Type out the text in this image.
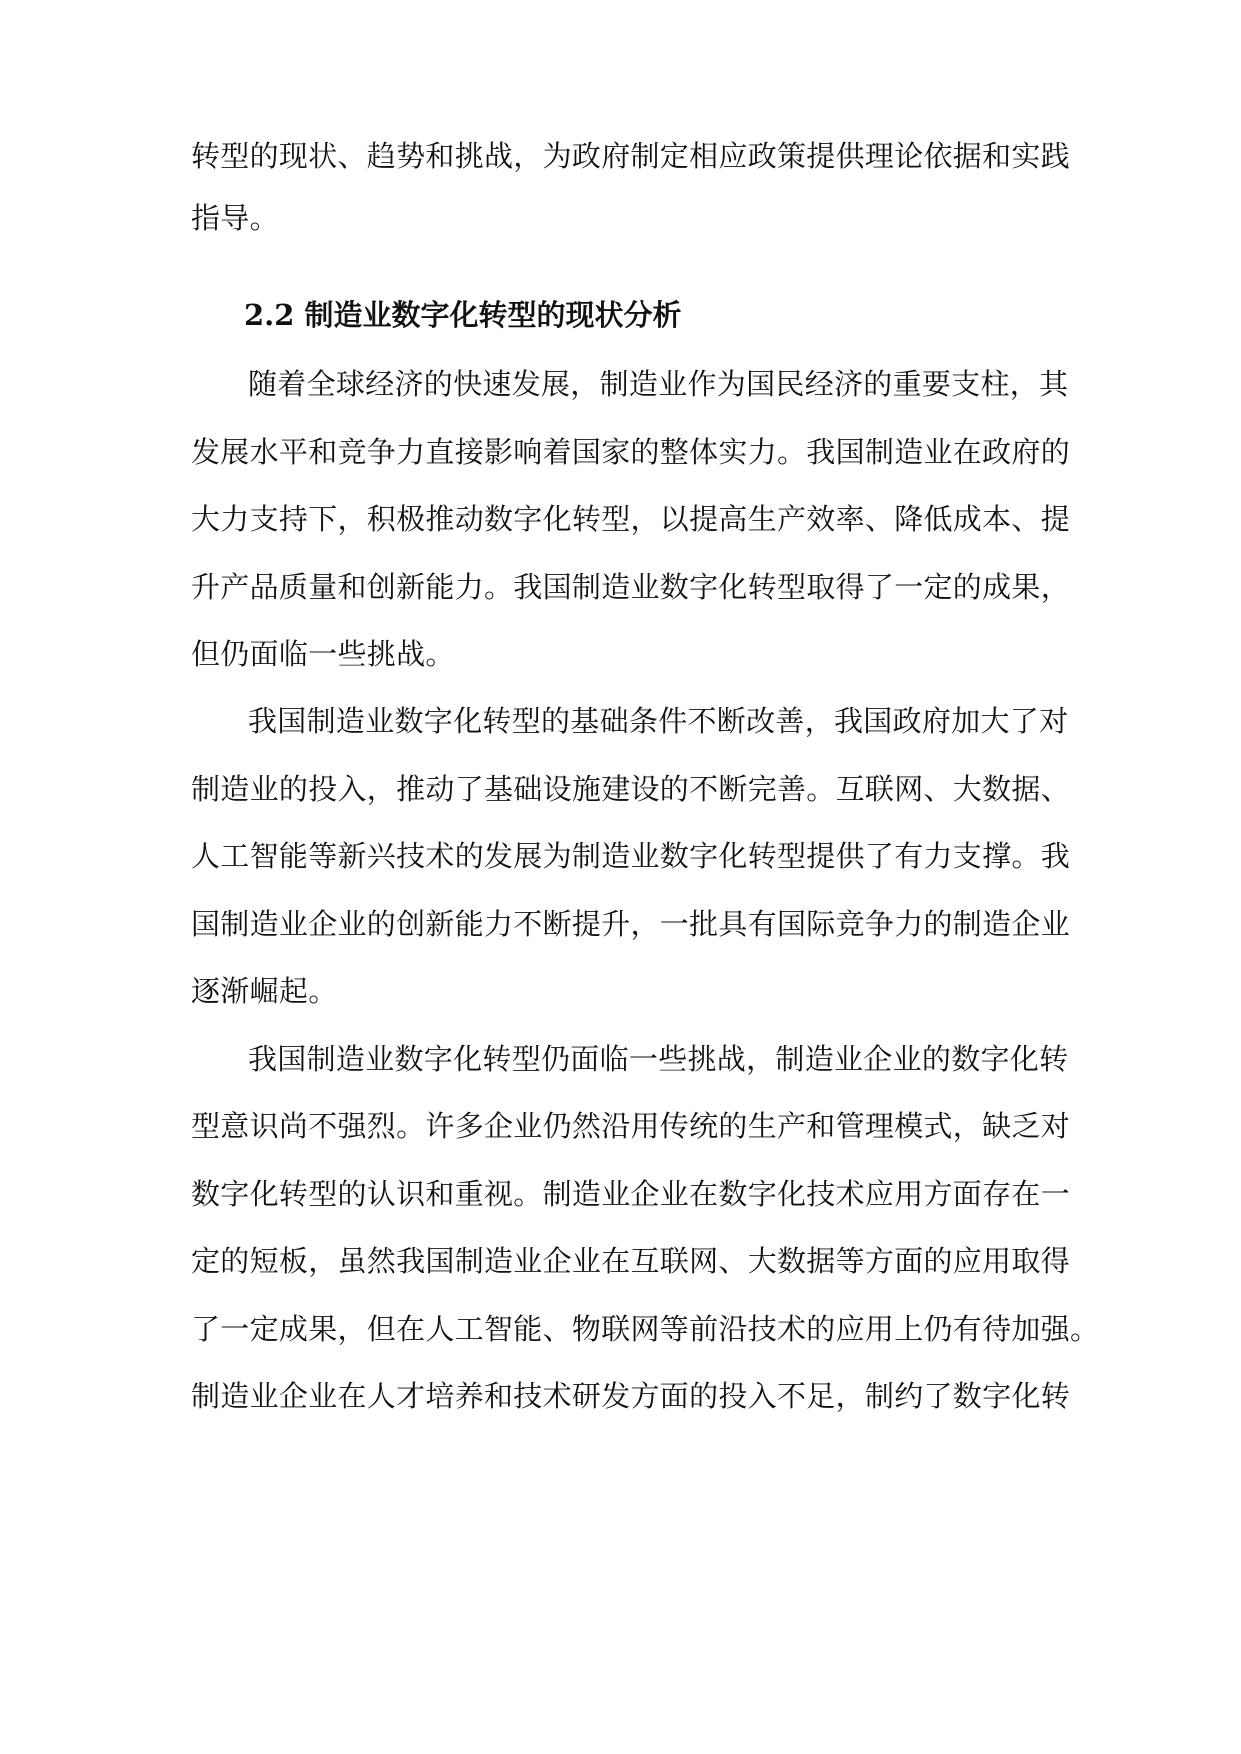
转型的现状、趋势和挑战，为政府制定相应政策提供理论依据和实践
指导。
2.2 制造业数字化转型的现状分析
随着全球经济的快速发展，制造业作为国民经济的重要支柱，其
发展水平和竞争力直接影响着国家的整体实力。我国制造业在政府的
大力支持下，积极推动数字化转型，以提高生产效率、降低成本、提
升产品质量和创新能力。我国制造业数字化转型取得了一定的成果，
但仍面临一些挑战。
我国制造业数字化转型的基础条件不断改善，我国政府加大了对
制造业的投入，推动了基础设施建设的不断完善。互联网、大数据、
人工智能等新兴技术的发展为制造业数字化转型提供了有力支撑。我
国制造业企业的创新能力不断提升，一批具有国际竞争力的制造企业
逐渐崛起。
我国制造业数字化转型仍面临一些挑战，制造业企业的数字化转
型意识尚不强烈。许多企业仍然沿用传统的生产和管理模式，缺乏对
数字化转型的认识和重视。制造业企业在数字化技术应用方面存在一
定的短板，虽然我国制造业企业在互联网、大数据等方面的应用取得
了一定成果，但在人工智能、物联网等前沿技术的应用上仍有待加强。
制造业企业在人才培养和技术研发方面的投入不足，制约了数字化转
